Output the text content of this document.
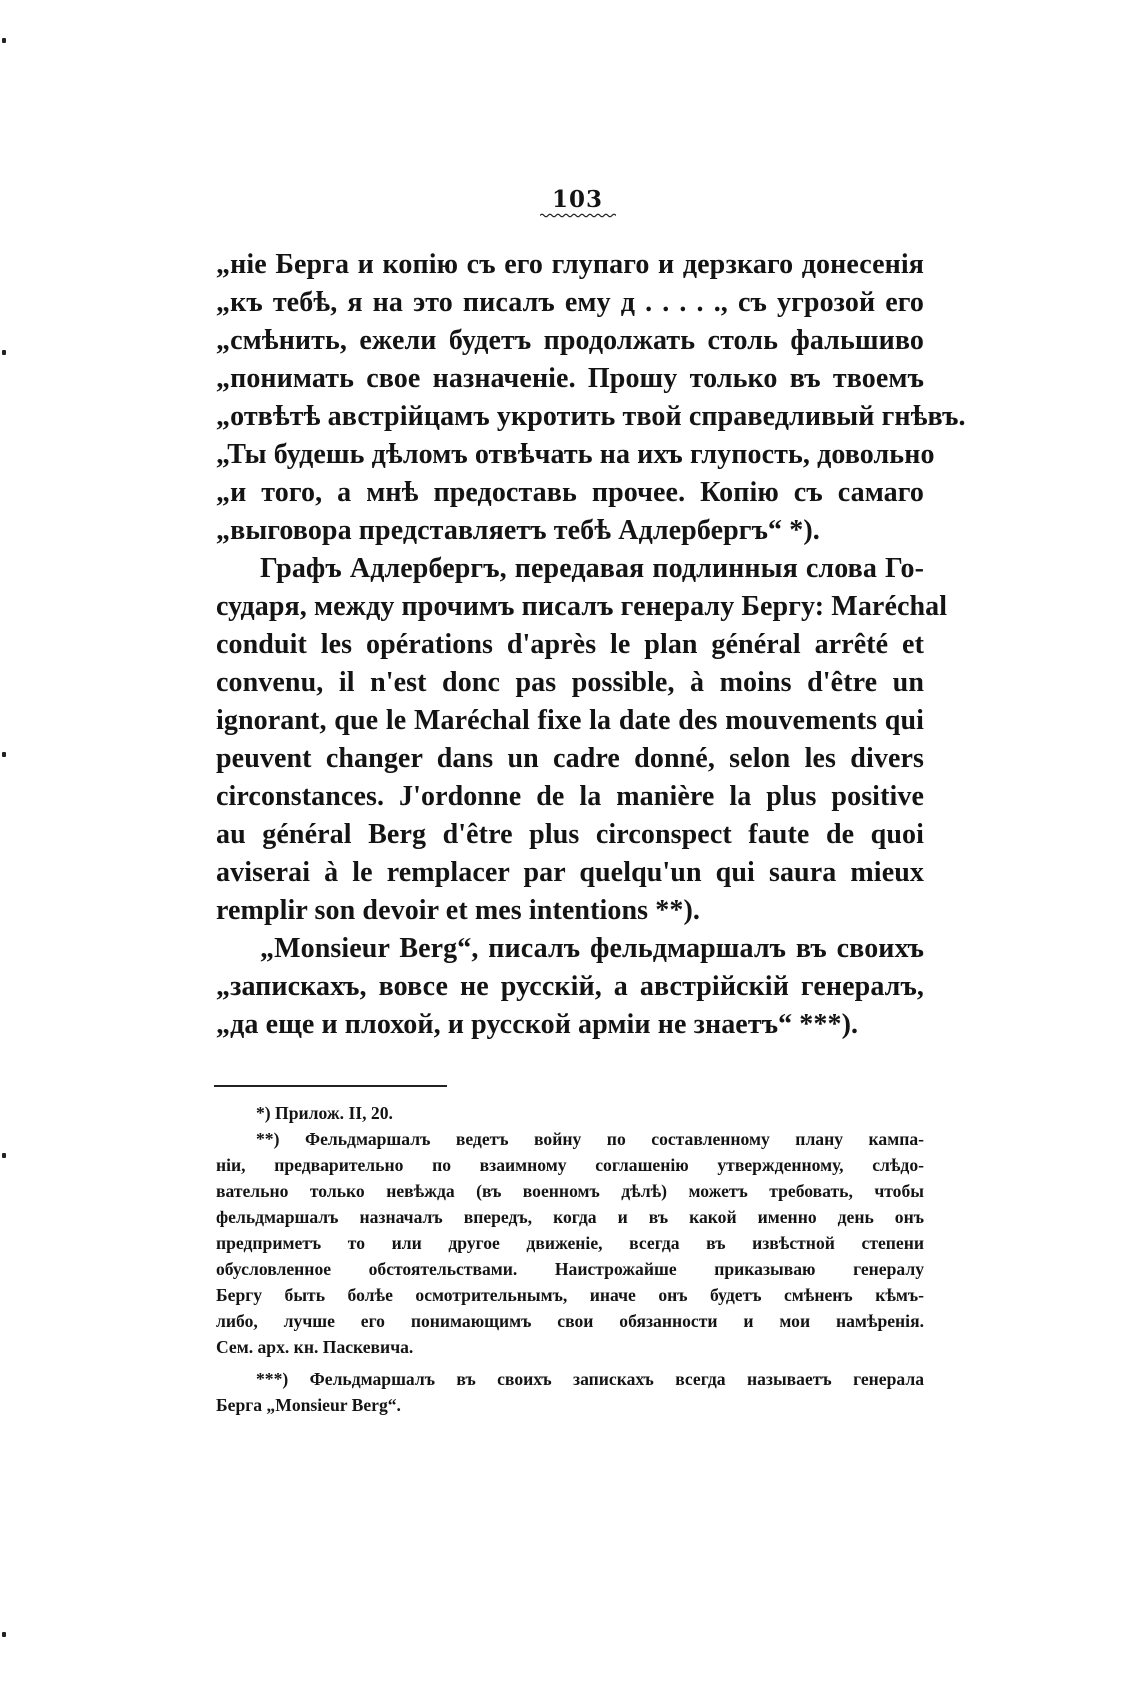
103
„ніе Берга и копію съ его глупаго и дерзкаго донесенія
„къ тебѣ, я на это писалъ ему д . . . . ., съ угрозой его
„смѣнить, ежели будетъ продолжать столь фальшиво
„понимать свое назначеніе. Прошу только въ твоемъ
„отвѣтѣ австрійцамъ укротить твой справедливый гнѣвъ.
„Ты будешь дѣломъ отвѣчать на ихъ глупость, довольно
„и того, а мнѣ предоставь прочее. Копію съ самаго
„выговора представляетъ тебѣ Адлербергъ“ *).
Графъ Адлербергъ, передавая подлинныя слова Го-
сударя, между прочимъ писалъ генералу Бергу: Maréchal
conduit les opérations d'après le plan général arrêté et
convenu, il n'est donc pas possible, à moins d'être un
ignorant, que le Maréchal fixe la date des mouvements qui
peuvent changer dans un cadre donné, selon les divers
circonstances. J'ordonne de la manière la plus positive
au général Berg d'être plus circonspect faute de quoi
aviserai à le remplacer par quelqu'un qui saura mieux
remplir son devoir et mes intentions **).
„Monsieur Berg“, писалъ фельдмаршалъ въ своихъ
„запискахъ, вовсе не русскій, а австрійскій генералъ,
„да еще и плохой, и русской арміи не знаетъ“ ***).
*) Прилож. II, 20.
**) Фельдмаршалъ ведетъ войну по составленному плану кампа-
ніи, предварительно по взаимному соглашенію утвержденному, слѣдо-
вательно только невѣжда (въ военномъ дѣлѣ) можетъ требовать, чтобы
фельдмаршалъ назначалъ впередъ, когда и въ какой именно день онъ
предприметъ то или другое движеніе, всегда въ извѣстной степени
обусловленное обстоятельствами. Наистрожайше приказываю генералу
Бергу быть болѣе осмотрительнымъ, иначе онъ будетъ смѣненъ кѣмъ-
либо, лучше его понимающимъ свои обязанности и мои намѣренія.
Сем. арх. кн. Паскевича.
***) Фельдмаршалъ въ своихъ запискахъ всегда называетъ генерала
Берга „Monsieur Berg“.
